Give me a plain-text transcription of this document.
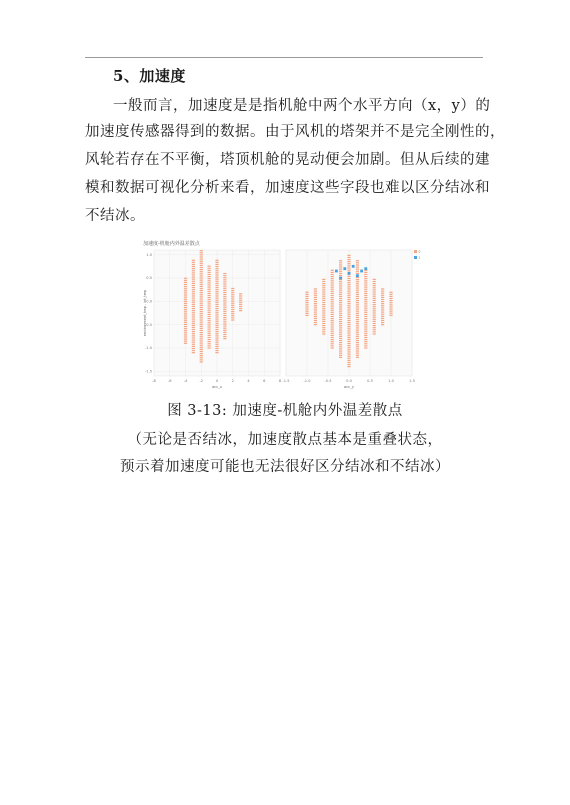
5、加速度
一般而言，加速度是是指机舱中两个水平方向（x，y）的
加速度传感器得到的数据。由于风机的塔架并不是完全刚性的，
风轮若存在不平衡，塔顶机舱的晃动便会加剧。但从后续的建
模和数据可视化分析来看，加速度这些字段也难以区分结冰和
不结冰。
加速度-机舱内外温差散点
-8	-6	-4	-2	0	2	4	6	8
1.0
0.5
0.0
-0.5
-1.0
-1.5
acc_x
-1.5	-1.0	-0.5	0.0	0.5	1.0	1.5
acc_y
environment_tmp - int_tmp
0
1
图 3-13: 加速度-机舱内外温差散点
（无论是否结冰，加速度散点基本是重叠状态，
预示着加速度可能也无法很好区分结冰和不结冰）
